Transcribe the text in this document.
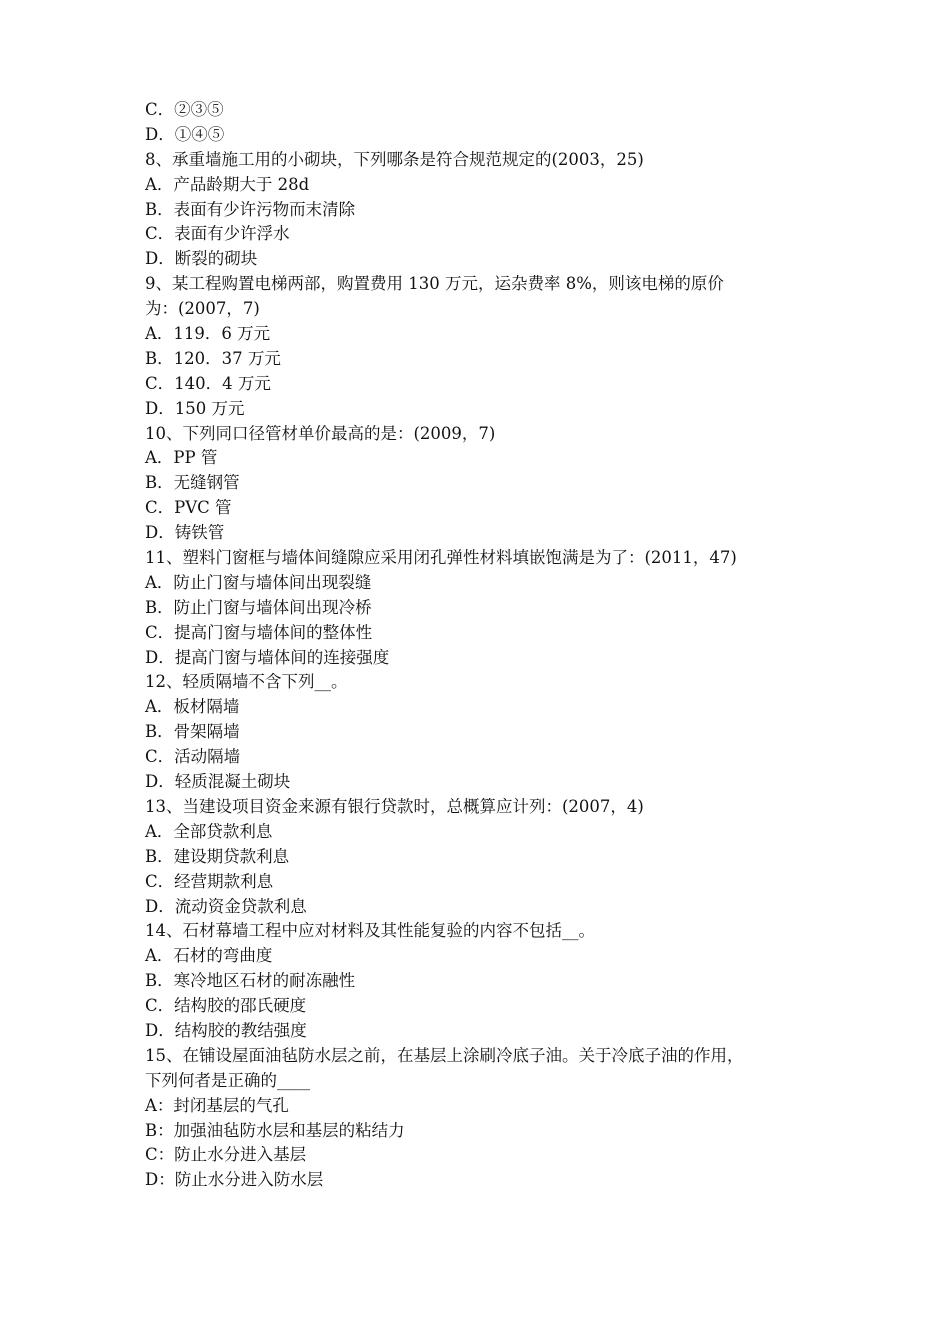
C．②③⑤
D．①④⑤
8、承重墙施工用的小砌块，下列哪条是符合规范规定的(2003，25)
A．产品龄期大于 28d
B．表面有少许污物而末清除
C．表面有少许浮水
D．断裂的砌块
9、某工程购置电梯两部，购置费用 130 万元，运杂费率 8%，则该电梯的原价
为：(2007，7)
A．119．6 万元
B．120．37 万元
C．140．4 万元
D．150 万元
10、下列同口径管材单价最高的是：(2009，7)
A．PP 管
B．无缝钢管
C．PVC 管
D．铸铁管
11、塑料门窗框与墙体间缝隙应采用闭孔弹性材料填嵌饱满是为了：(2011，47)
A．防止门窗与墙体间出现裂缝
B．防止门窗与墙体间出现冷桥
C．提高门窗与墙体间的整体性
D．提高门窗与墙体间的连接强度
12、轻质隔墙不含下列__。
A．板材隔墙
B．骨架隔墙
C．活动隔墙
D．轻质混凝土砌块
13、当建设项目资金来源有银行贷款时，总概算应计列：(2007，4)
A．全部贷款利息
B．建设期贷款利息
C．经营期款利息
D．流动资金贷款利息
14、石材幕墙工程中应对材料及其性能复验的内容不包括__。
A．石材的弯曲度
B．寒冷地区石材的耐冻融性
C．结构胶的邵氏硬度
D．结构胶的教结强度
15、在铺设屋面油毡防水层之前，在基层上涂刷冷底子油。关于冷底子油的作用，
下列何者是正确的____
A：封闭基层的气孔
B：加强油毡防水层和基层的粘结力
C：防止水分进入基层
D：防止水分进入防水层
